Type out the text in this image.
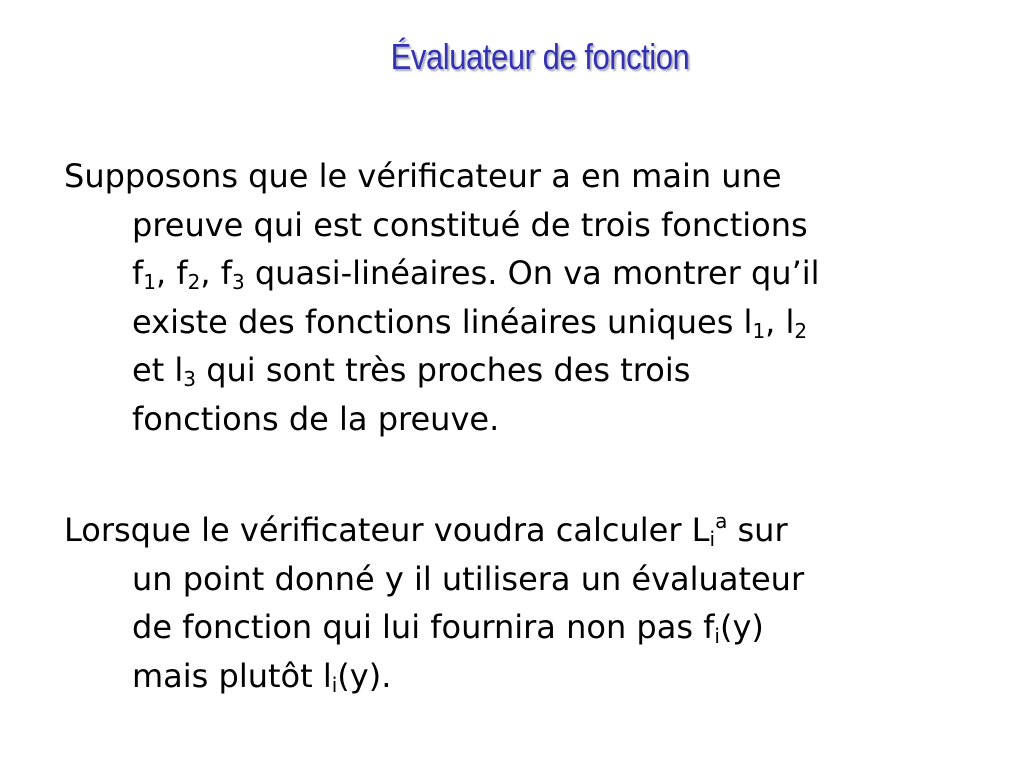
Évaluateur de fonction
Supposons que le vérificateur a en main une
preuve qui est constitué de trois fonctions
$f_1$, $f_2$, $f_3$ quasi-linéaires. On va montrer qu’il
existe des fonctions linéaires uniques $l_1$, $l_2$
et $l_3$ qui sont très proches des trois
fonctions de la preuve.
Lorsque le vérificateur voudra calculer $L_i^a$ sur
un point donné y il utilisera un évaluateur
de fonction qui lui fournira non pas $f_i(y)$
mais plutôt $l_i(y)$.
